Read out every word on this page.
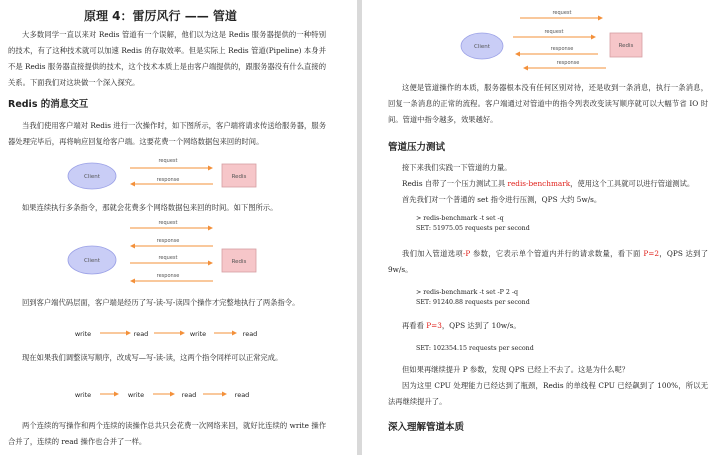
原理 4：雷厉风行 —— 管道

大多数同学一直以来对 Redis 管道有一个误解，他们以为这是 Redis 服务器提供的一种特别的技术，有了这种技术就可以加速 Redis 的存取效率。但是实际上 Redis 管道(Pipeline) 本身并不是 Redis 服务器直接提供的技术，这个技术本质上是由客户端提供的，跟服务器没有什么直接的关系。下面我们对这块做一个深入探究。

Redis 的消息交互

当我们使用客户端对 Redis 进行一次操作时，如下图所示，客户端将请求传送给服务器，服务器处理完毕后，再将响应回复给客户端。这要花费一个网络数据包来回的时间。

Client	Redis
request
response

如果连续执行多条指令，那就会花费多个网络数据包来回的时间。如下图所示。

Client	Redis
request
response
request
response

回到客户端代码层面，客户端是经历了写-读-写-读四个操作才完整地执行了两条指令。

write	read	write	read

现在如果我们调整读写顺序，改成写—写-读-读，这两个指令同样可以正常完成。

write	write	read	read

两个连续的写操作和两个连续的读操作总共只会花费一次网络来回，就好比连续的 write 操作合并了，连续的 read 操作也合并了一样。

Client	Redis
request
request
response
response

这便是管道操作的本质，服务器根本没有任何区别对待，还是收到一条消息，执行一条消息，回复一条消息的正常的流程。客户端通过对管道中的指令列表改变读写顺序就可以大幅节省 IO 时间。管道中指令越多，效果越好。

管道压力测试

接下来我们实践一下管道的力量。

Redis 自带了一个压力测试工具 redis-benchmark，使用这个工具就可以进行管道测试。

首先我们对一个普通的 set 指令进行压测，QPS 大约 5w/s。

> redis-benchmark -t set -q
SET: 51975.05 requests per second

我们加入管道选项-P 参数，它表示单个管道内并行的请求数量，看下面 P=2，QPS 达到了 9w/s。

> redis-benchmark -t set -P 2 -q
SET: 91240.88 requests per second

再看看 P=3，QPS 达到了 10w/s。

SET: 102354.15 requests per second

但如果再继续提升 P 参数，发现 QPS 已经上不去了。这是为什么呢？

因为这里 CPU 处理能力已经达到了瓶颈，Redis 的单线程 CPU 已经飙到了 100%，所以无法再继续提升了。

深入理解管道本质
